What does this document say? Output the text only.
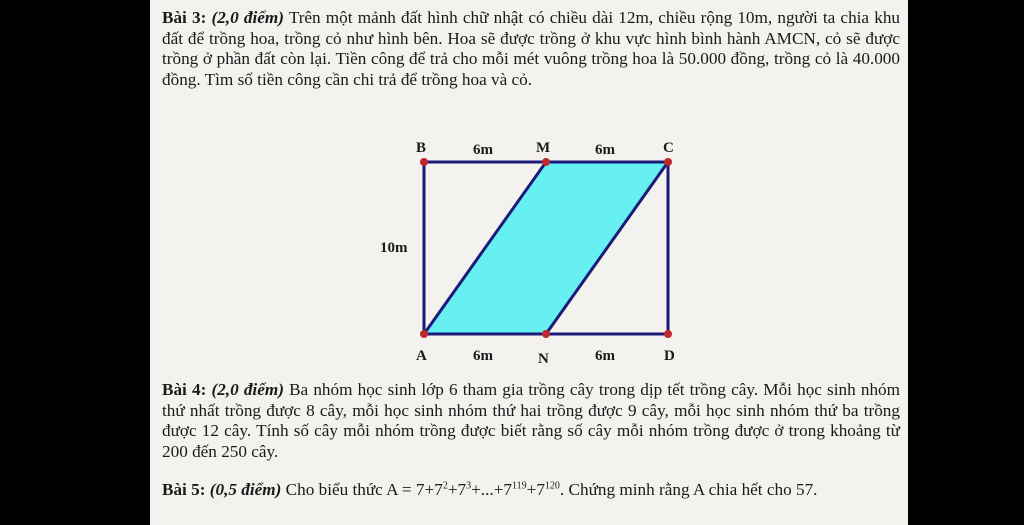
Bài 3: (2,0 điểm) Trên một mảnh đất hình chữ nhật có chiều dài 12m, chiều rộng 10m, người ta chia khu đất để trồng hoa, trồng cỏ như hình bên. Hoa sẽ được trồng ở khu vực hình bình hành AMCN, cỏ sẽ được trồng ở phần đất còn lại. Tiền công để trả cho mỗi mét vuông trồng hoa là 50.000 đồng, trồng cỏ là 40.000 đồng. Tìm số tiền công cần chi trả để trồng hoa và cỏ.

B	6m	M	6m	C
10m
A	6m	N	6m	D

Bài 4: (2,0 điểm) Ba nhóm học sinh lớp 6 tham gia trồng cây trong dịp tết trồng cây. Mỗi học sinh nhóm thứ nhất trồng được 8 cây, mỗi học sinh nhóm thứ hai trồng được 9 cây, mỗi học sinh nhóm thứ ba trồng được 12 cây. Tính số cây mỗi nhóm trồng được biết rằng số cây mỗi nhóm trồng được ở trong khoảng từ 200 đến 250 cây.

Bài 5: (0,5 điểm) Cho biểu thức $A = 7+7^2+7^3+...+7^{119}+7^{120}$. Chứng minh rằng A chia hết cho 57.
